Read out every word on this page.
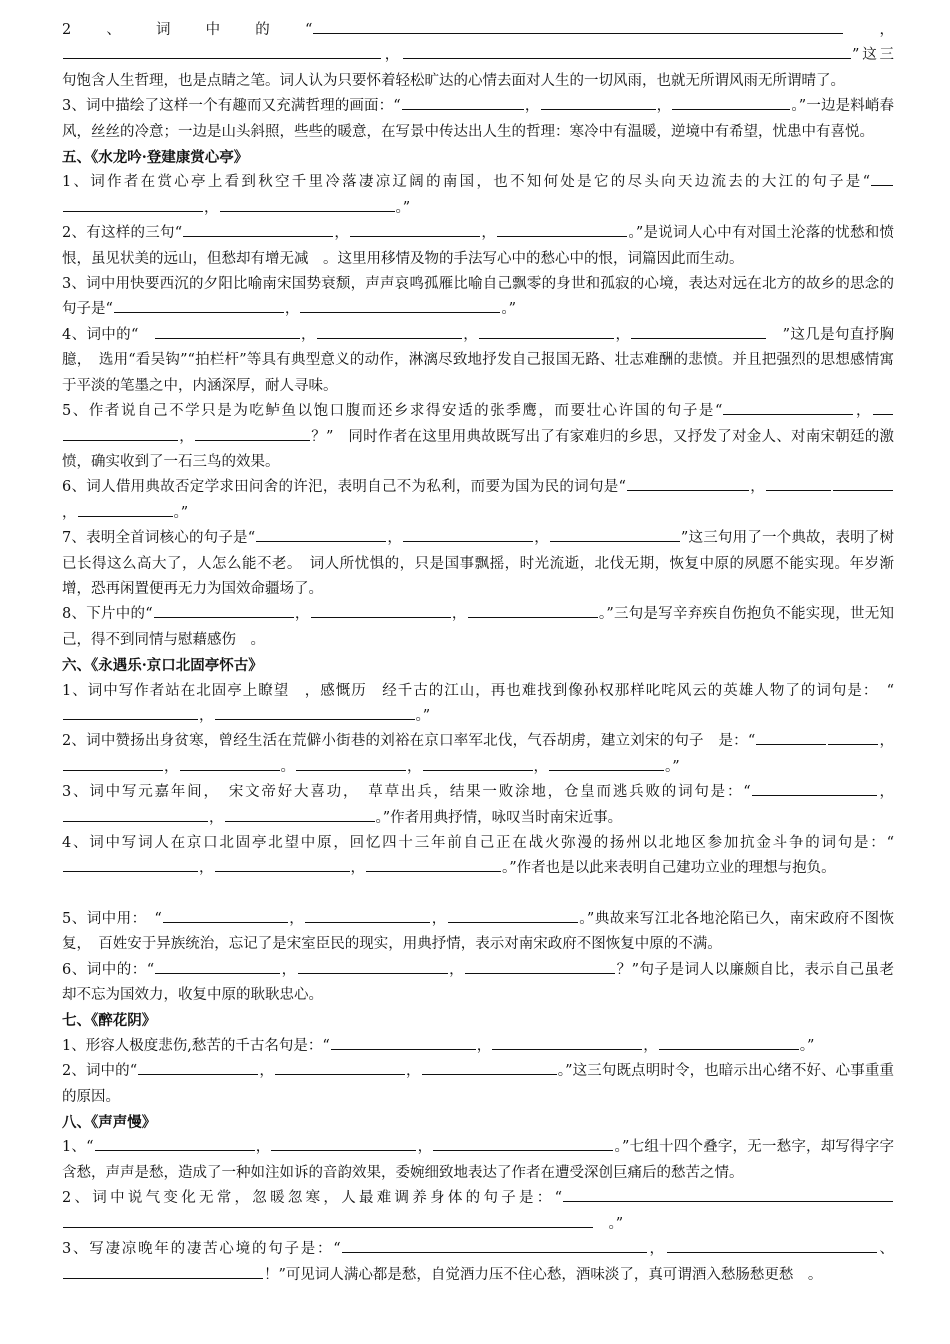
2、词中的“	，，	”这三句饱含人生哲理，也是点睛之笔。词人认为只要怀着轻松旷达的心情去面对人生的一切风雨，也就无所谓风雨无所谓晴了。

3、词中描绘了这样一个有趣而又充满哲理的画面：“	，	，	。”一边是料峭春风，丝丝的冷意；一边是山头斜照，些些的暖意，在写景中传达出人生的哲理：寒冷中有温暖，逆境中有希望，忧患中有喜悦。

五、《水龙吟·登建康赏心亭》

1、词作者在赏心亭上看到秋空千里冷落凄凉辽阔的南国，也不知何处是它的尽头向天边流去的大江的句子是“，	。”

2、有这样的三句“	，	，	。”是说词人心中有对国土沦落的忧愁和愤恨，虽见状美的远山，但愁却有增无减　。这里用移情及物的手法写心中的愁心中的恨，词篇因此而生动。

3、词中用快要西沉的夕阳比喻南宋国势衰颓，声声哀鸣孤雁比喻自己飘零的身世和孤寂的心境，表达对远在北方的故乡的思念的句子是“	，	。”

4、词中的“　	，	，	，	　”这几是句直抒胸臆，　选用“看吴钩”“拍栏杆”等具有典型意义的动作，淋漓尽致地抒发自己报国无路、壮志难酬的悲愤。并且把强烈的思想感情寓于平淡的笔墨之中，内涵深厚，耐人寻味。

5、作者说自己不学只是为吃鲈鱼以饱口腹而还乡求得安适的张季鹰，而要壮心许国的句子是“	，，	？”　同时作者在这里用典故既写出了有家难归的乡思，又抒发了对金人、对南宋朝廷的激愤，确实收到了一石三鸟的效果。

6、词人借用典故否定学求田问舍的许汜，表明自己不为私利，而要为国为民的词句是“	，，	。”

7、表明全首词核心的句子是“	，	，	”这三句用了一个典故，表明了树已长得这么高大了，人怎么能不老。　词人所忧惧的，只是国事飘摇，时光流逝，北伐无期，恢复中原的夙愿不能实现。年岁渐增，恐再闲置便再无力为国效命疆场了。

8、下片中的“	，	，	。”三句是写辛弃疾自伤抱负不能实现，世无知己，得不到同情与慰藉感伤　。

六、《永遇乐·京口北固亭怀古》

1、词中写作者站在北固亭上瞭望　，感慨历　经千古的江山，再也难找到像孙权那样叱咤风云的英雄人物了的词句是：　“，	。”

2、词中赞扬出身贫寒，曾经生活在荒僻小街巷的刘裕在京口率军北伐，气吞胡虏，建立刘宋的句子　是：“	，，	。	，	，	。”

3、词中写元嘉年间，　宋文帝好大喜功，　草草出兵，结果一败涂地，仓皇而逃兵败的词句是：“	，，	。”作者用典抒情，咏叹当时南宋近事。

4、词中写词人在京口北固亭北望中原，回忆四十三年前自己正在战火弥漫的扬州以北地区参加抗金斗争的词句是：“，	，	。”作者也是以此来表明自己建功立业的理想与抱负。

5、词中用：　“	，	，	。”典故来写江北各地沦陷已久，南宋政府不图恢复，　百姓安于异族统治，忘记了是宋室臣民的现实，用典抒情，表示对南宋政府不图恢复中原的不满。

6、词中的：“	，	，	？”句子是词人以廉颇自比，表示自己虽老却不忘为国效力，收复中原的耿耿忠心。

七、《醉花阴》

1、形容人极度悲伤,愁苦的千古名句是：“	，	，	。”

2、词中的“	，	，	。”这三句既点明时令，也暗示出心绪不好、心事重重的原因。

八、《声声慢》

1、“	，	，	。”七组十四个叠字，无一愁字，却写得字字含愁，声声是愁，造成了一种如注如诉的音韵效果，委婉细致地表达了作者在遭受深创巨痛后的愁苦之情。

2、词中说气变化无常，忽暖忽寒，人最难调养身体的句子是：“　。”

3、写凄凉晚年的凄苦心境的句子是：“	，	、！”可见词人满心都是愁，自觉酒力压不住心愁，酒味淡了，真可谓酒入愁肠愁更愁　。
